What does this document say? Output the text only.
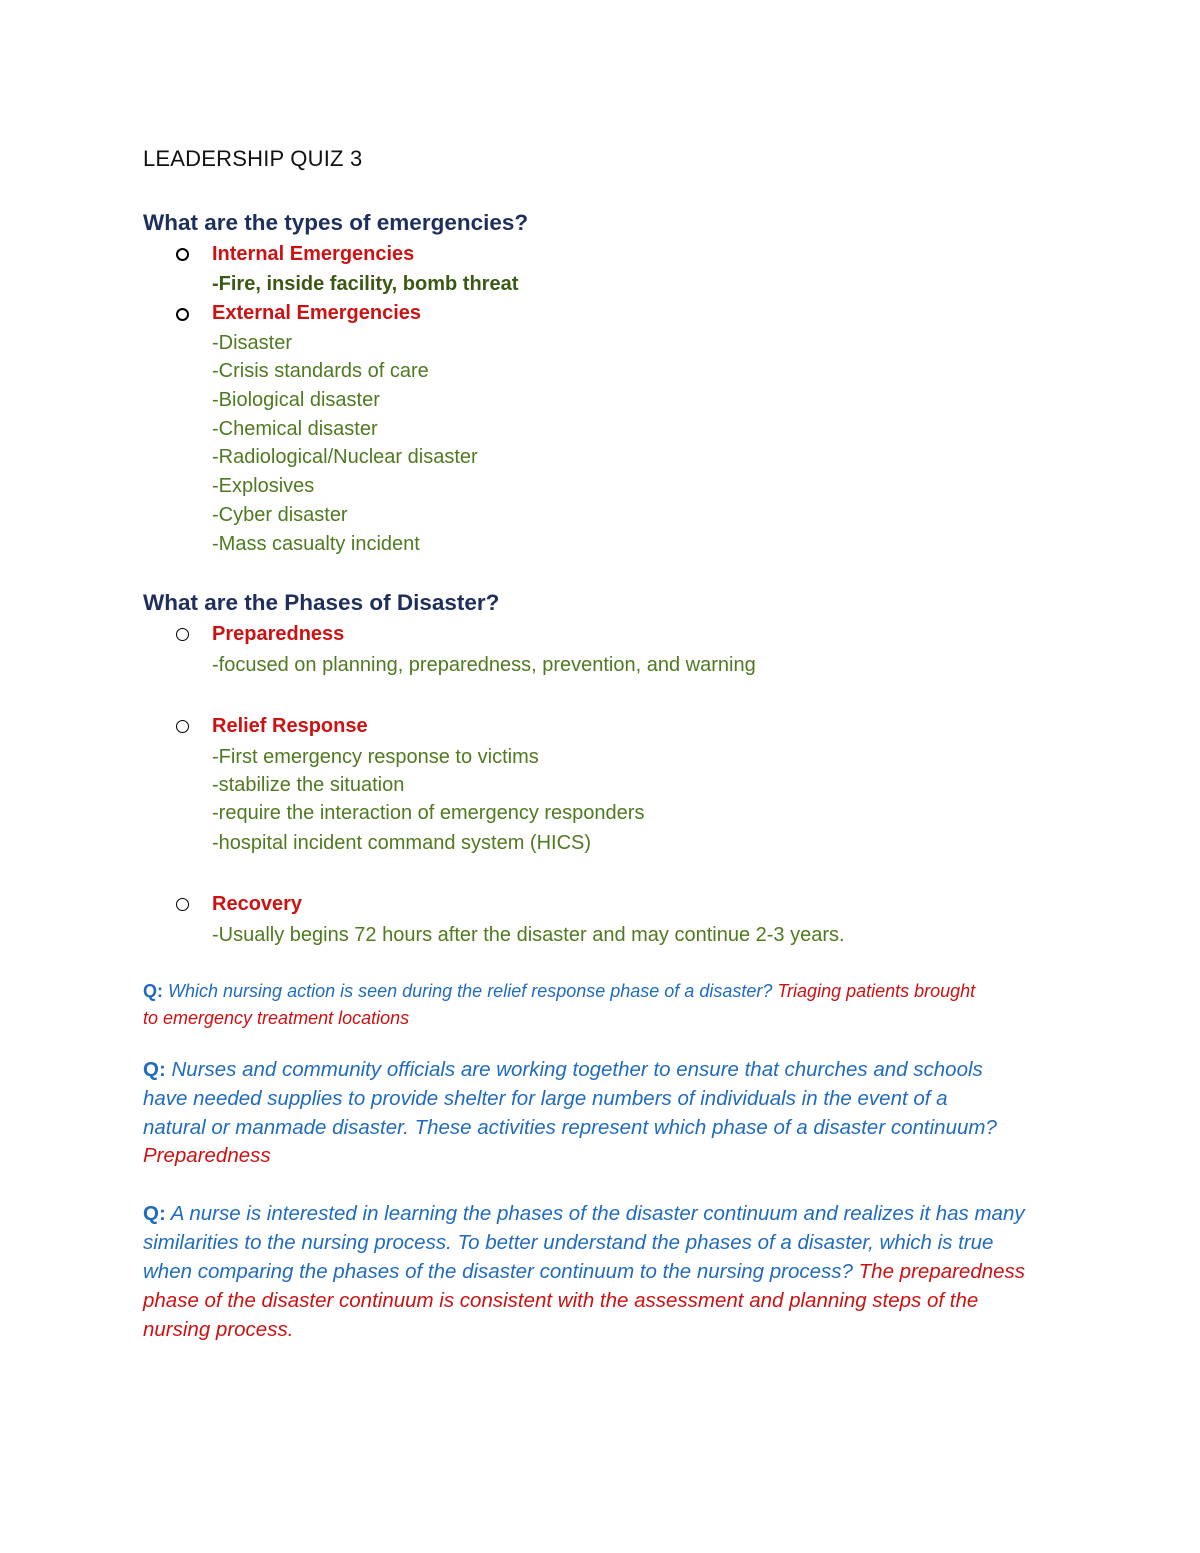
LEADERSHIP QUIZ 3
What are the types of emergencies?
Internal Emergencies
-Fire, inside facility, bomb threat
External Emergencies
-Disaster
-Crisis standards of care
-Biological disaster
-Chemical disaster
-Radiological/Nuclear disaster
-Explosives
-Cyber disaster
-Mass casualty incident
What are the Phases of Disaster?
Preparedness
-focused on planning, preparedness, prevention, and warning
Relief Response
-First emergency response to victims
-stabilize the situation
-require the interaction of emergency responders
-hospital incident command system (HICS)
Recovery
-Usually begins 72 hours after the disaster and may continue 2-3 years.
Q: Which nursing action is seen during the relief response phase of a disaster? Triaging patients brought
to emergency treatment locations
Q: Nurses and community officials are working together to ensure that churches and schools
have needed supplies to provide shelter for large numbers of individuals in the event of a
natural or manmade disaster. These activities represent which phase of a disaster continuum?
Preparedness
Q: A nurse is interested in learning the phases of the disaster continuum and realizes it has many
similarities to the nursing process. To better understand the phases of a disaster, which is true
when comparing the phases of the disaster continuum to the nursing process? The preparedness
phase of the disaster continuum is consistent with the assessment and planning steps of the
nursing process.
